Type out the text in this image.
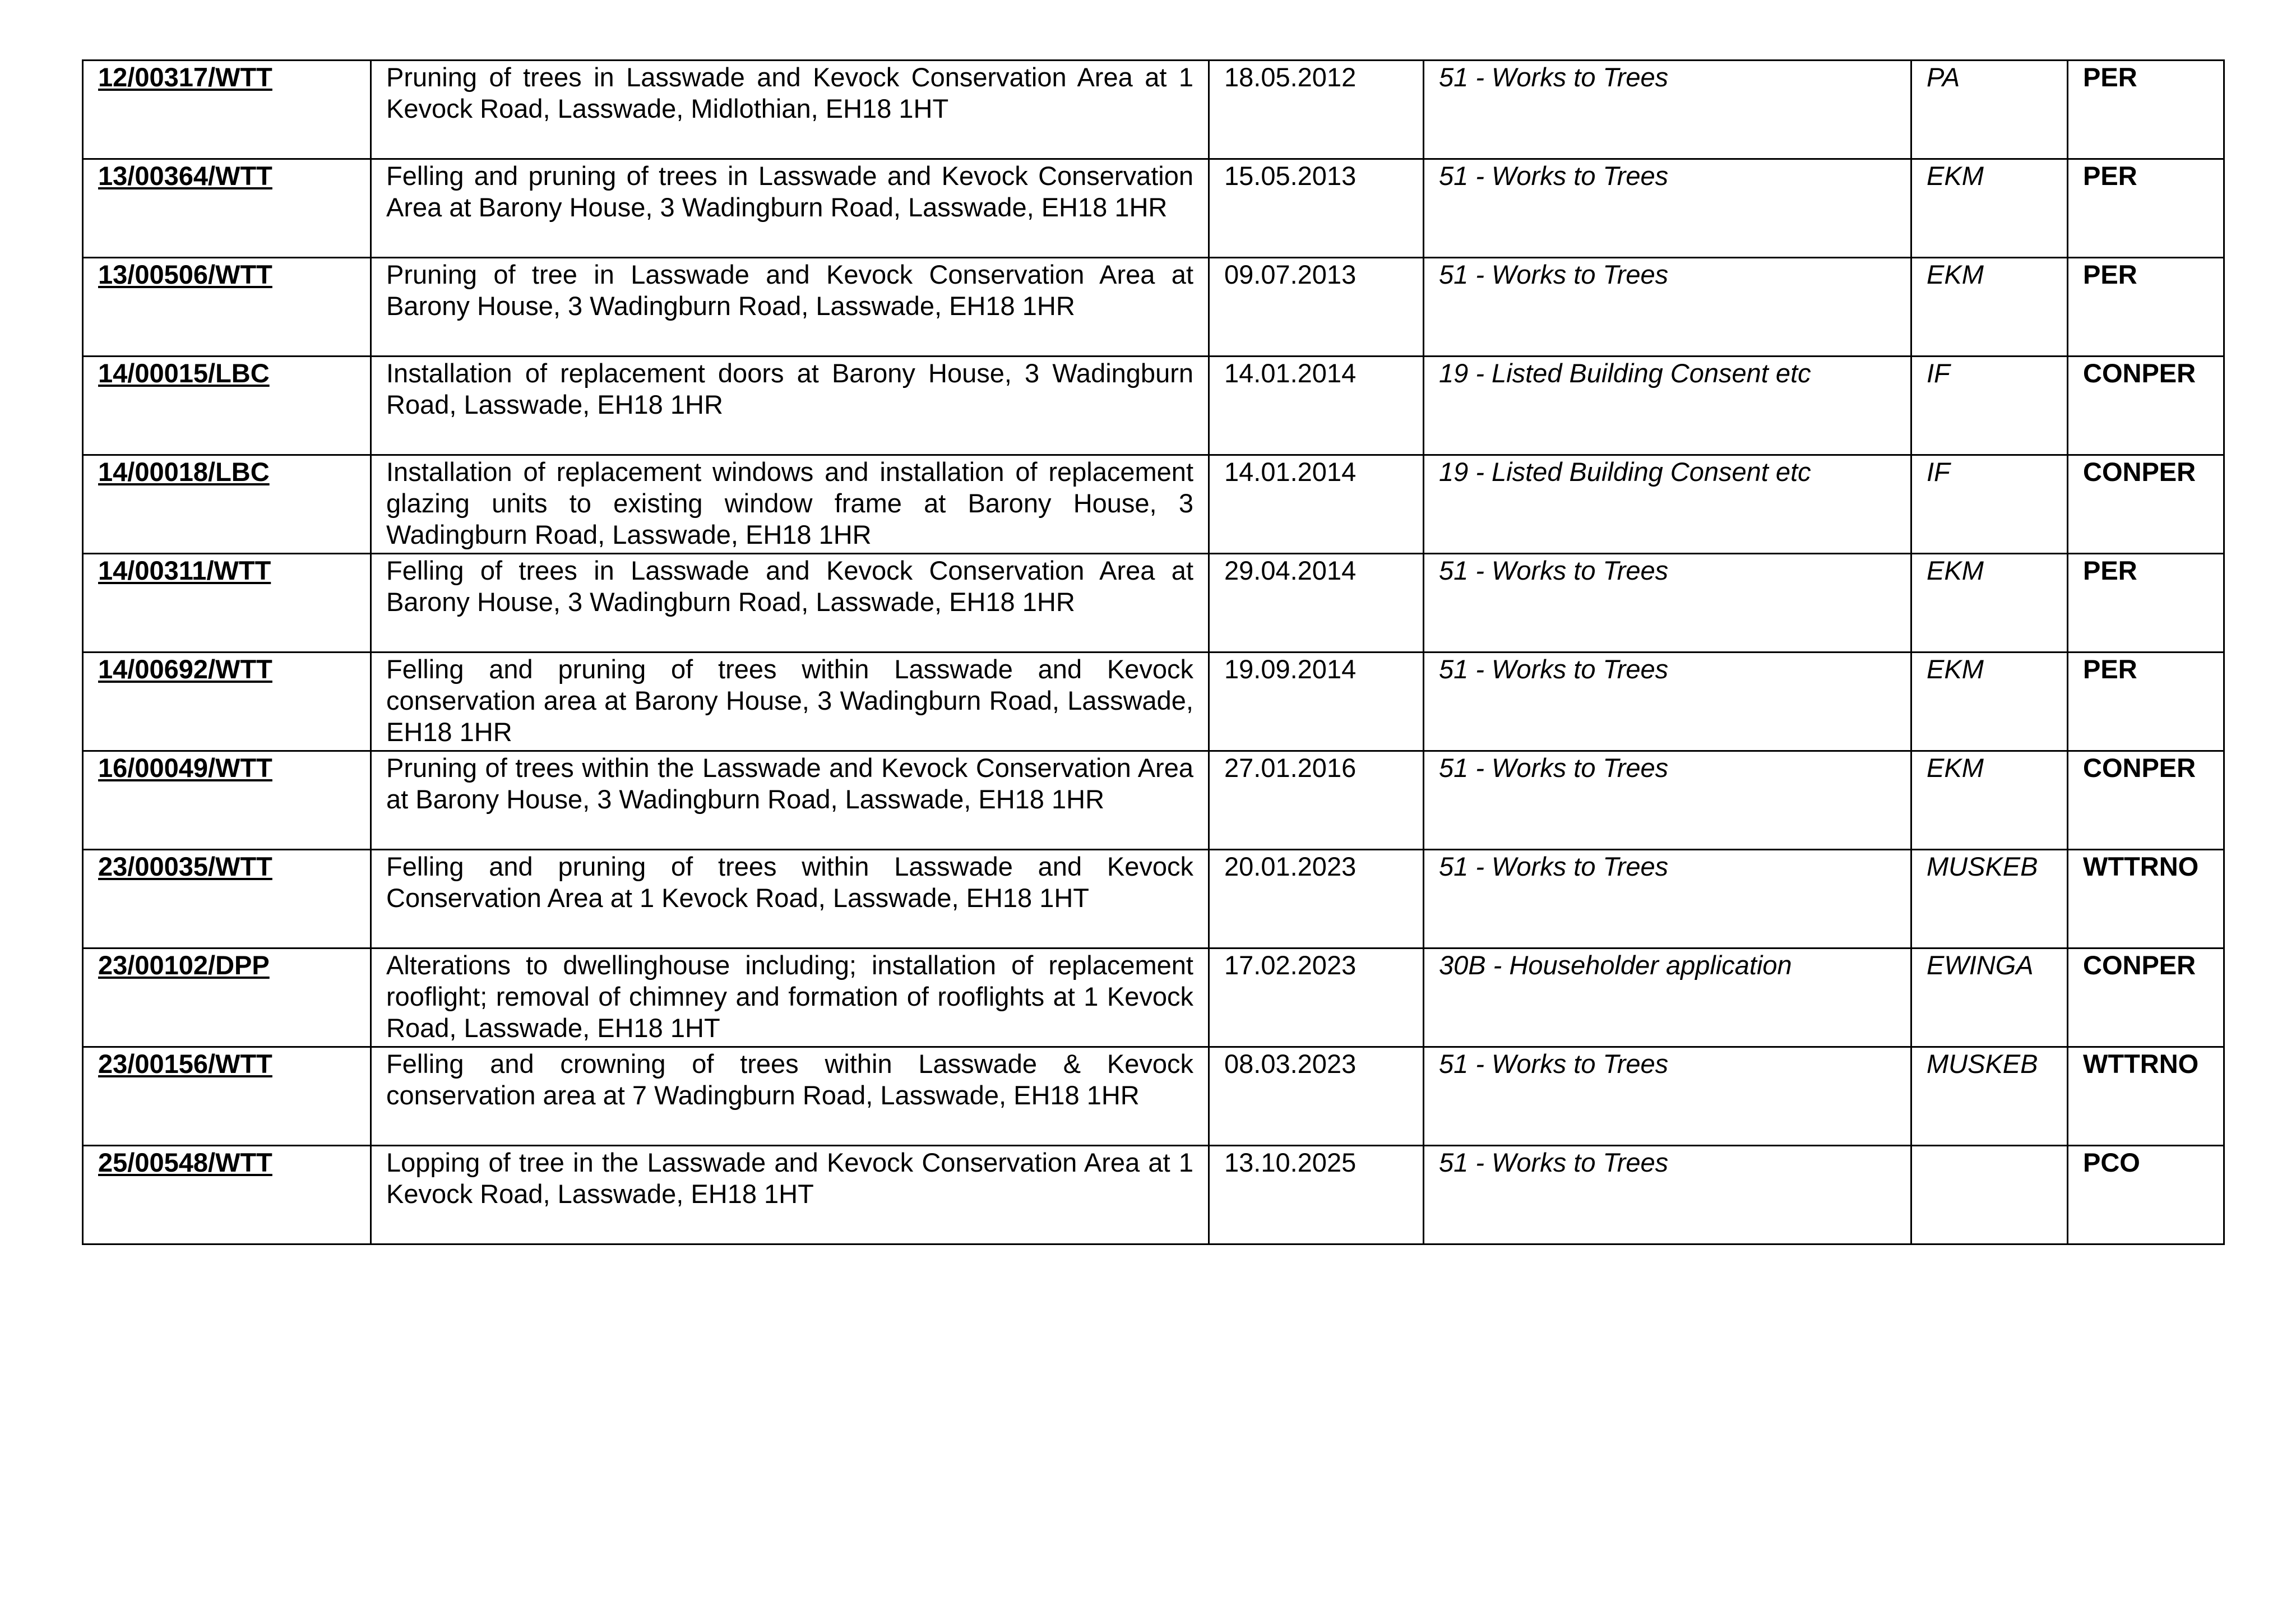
12/00317/WTT	Pruning of trees in Lasswade and Kevock Conservation Area at 1 Kevock Road, Lasswade, Midlothian, EH18 1HT	18.05.2012	51 - Works to Trees	PA	PER
13/00364/WTT	Felling and pruning of trees in Lasswade and Kevock Conservation Area at Barony House, 3 Wadingburn Road, Lasswade, EH18 1HR	15.05.2013	51 - Works to Trees	EKM	PER
13/00506/WTT	Pruning of tree in Lasswade and Kevock Conservation Area at Barony House, 3 Wadingburn Road, Lasswade, EH18 1HR	09.07.2013	51 - Works to Trees	EKM	PER
14/00015/LBC	Installation of replacement doors at Barony House, 3 Wadingburn Road, Lasswade, EH18 1HR	14.01.2014	19 - Listed Building Consent etc	IF	CONPER
14/00018/LBC	Installation of replacement windows and installation of replacement glazing units to existing window frame at Barony House, 3 Wadingburn Road, Lasswade, EH18 1HR	14.01.2014	19 - Listed Building Consent etc	IF	CONPER
14/00311/WTT	Felling of trees in Lasswade and Kevock Conservation Area at Barony House, 3 Wadingburn Road, Lasswade, EH18 1HR	29.04.2014	51 - Works to Trees	EKM	PER
14/00692/WTT	Felling and pruning of trees within Lasswade and Kevock conservation area at Barony House, 3 Wadingburn Road, Lasswade, EH18 1HR	19.09.2014	51 - Works to Trees	EKM	PER
16/00049/WTT	Pruning of trees within the Lasswade and Kevock Conservation Area at Barony House, 3 Wadingburn Road, Lasswade, EH18 1HR	27.01.2016	51 - Works to Trees	EKM	CONPER
23/00035/WTT	Felling and pruning of trees within Lasswade and Kevock Conservation Area at 1 Kevock Road, Lasswade, EH18 1HT	20.01.2023	51 - Works to Trees	MUSKEB	WTTRNO
23/00102/DPP	Alterations to dwellinghouse including; installation of replacement rooflight; removal of chimney and formation of rooflights at 1 Kevock Road, Lasswade, EH18 1HT	17.02.2023	30B - Householder application	EWINGA	CONPER
23/00156/WTT	Felling and crowning of trees within Lasswade & Kevock conservation area at 7 Wadingburn Road, Lasswade, EH18 1HR	08.03.2023	51 - Works to Trees	MUSKEB	WTTRNO
25/00548/WTT	Lopping of tree in the Lasswade and Kevock Conservation Area at 1 Kevock Road, Lasswade, EH18 1HT	13.10.2025	51 - Works to Trees		PCO
